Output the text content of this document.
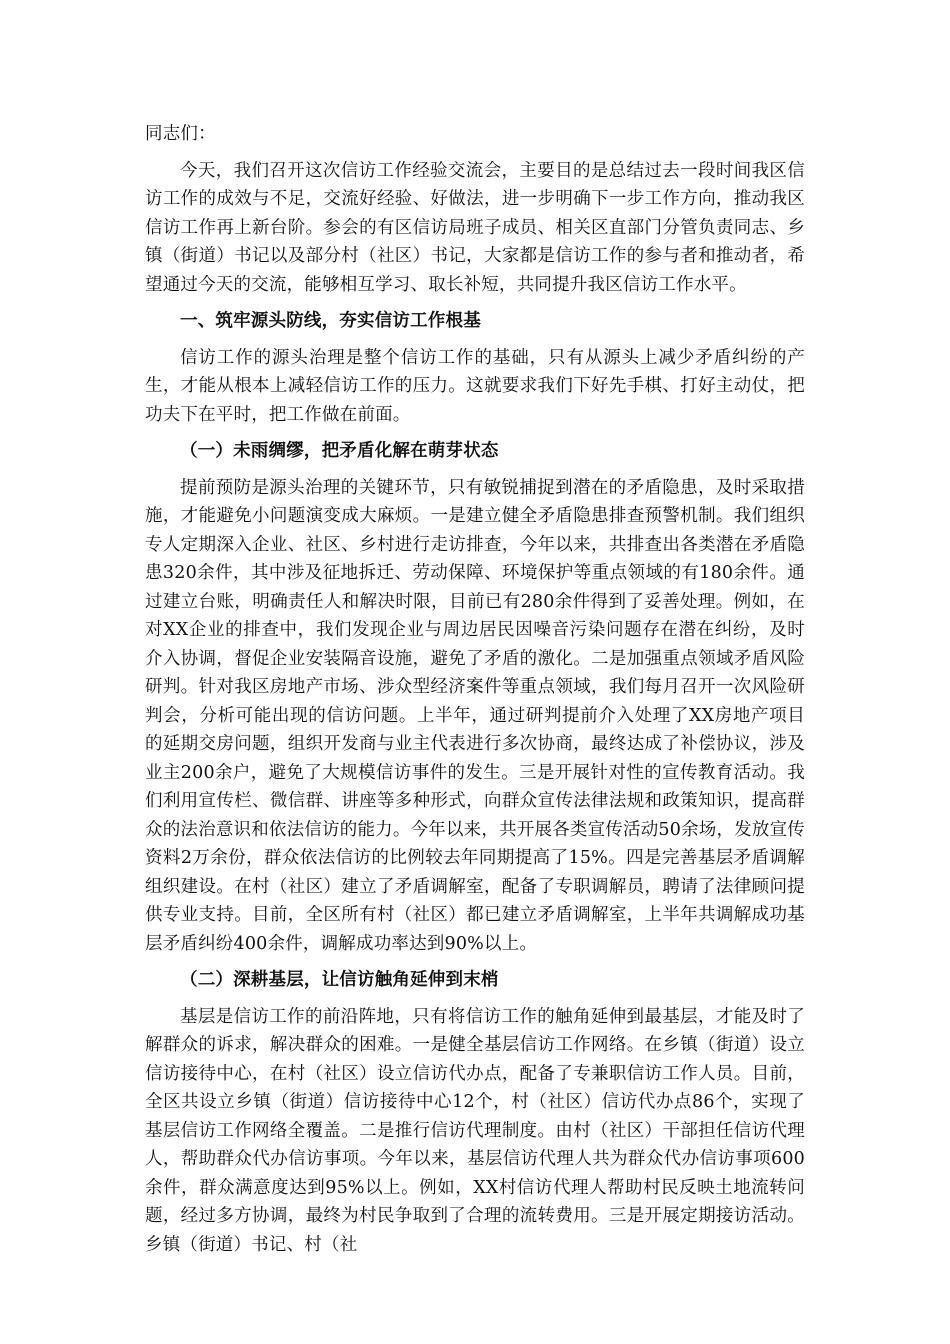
同志们：

今天，我们召开这次信访工作经验交流会，主要目的是总结过去一段时间我区信访工作的成效与不足，交流好经验、好做法，进一步明确下一步工作方向，推动我区信访工作再上新台阶。参会的有区信访局班子成员、相关区直部门分管负责同志、乡镇（街道）书记以及部分村（社区）书记，大家都是信访工作的参与者和推动者，希望通过今天的交流，能够相互学习、取长补短，共同提升我区信访工作水平。

一、筑牢源头防线，夯实信访工作根基

信访工作的源头治理是整个信访工作的基础，只有从源头上减少矛盾纠纷的产生，才能从根本上减轻信访工作的压力。这就要求我们下好先手棋、打好主动仗，把功夫下在平时，把工作做在前面。

（一）未雨绸缪，把矛盾化解在萌芽状态

提前预防是源头治理的关键环节，只有敏锐捕捉到潜在的矛盾隐患，及时采取措施，才能避免小问题演变成大麻烦。一是建立健全矛盾隐患排查预警机制。我们组织专人定期深入企业、社区、乡村进行走访排查，今年以来，共排查出各类潜在矛盾隐患320余件，其中涉及征地拆迁、劳动保障、环境保护等重点领域的有180余件。通过建立台账，明确责任人和解决时限，目前已有280余件得到了妥善处理。例如，在对XX企业的排查中，我们发现企业与周边居民因噪音污染问题存在潜在纠纷，及时介入协调，督促企业安装隔音设施，避免了矛盾的激化。二是加强重点领域矛盾风险研判。针对我区房地产市场、涉众型经济案件等重点领域，我们每月召开一次风险研判会，分析可能出现的信访问题。上半年，通过研判提前介入处理了XX房地产项目的延期交房问题，组织开发商与业主代表进行多次协商，最终达成了补偿协议，涉及业主200余户，避免了大规模信访事件的发生。三是开展针对性的宣传教育活动。我们利用宣传栏、微信群、讲座等多种形式，向群众宣传法律法规和政策知识，提高群众的法治意识和依法信访的能力。今年以来，共开展各类宣传活动50余场，发放宣传资料2万余份，群众依法信访的比例较去年同期提高了15%。四是完善基层矛盾调解组织建设。在村（社区）建立了矛盾调解室，配备了专职调解员，聘请了法律顾问提供专业支持。目前，全区所有村（社区）都已建立矛盾调解室，上半年共调解成功基层矛盾纠纷400余件，调解成功率达到90%以上。

（二）深耕基层，让信访触角延伸到末梢

基层是信访工作的前沿阵地，只有将信访工作的触角延伸到最基层，才能及时了解群众的诉求，解决群众的困难。一是健全基层信访工作网络。在乡镇（街道）设立信访接待中心，在村（社区）设立信访代办点，配备了专兼职信访工作人员。目前，全区共设立乡镇（街道）信访接待中心12个，村（社区）信访代办点86个，实现了基层信访工作网络全覆盖。二是推行信访代理制度。由村（社区）干部担任信访代理人，帮助群众代办信访事项。今年以来，基层信访代理人共为群众代办信访事项600余件，群众满意度达到95%以上。例如，XX村信访代理人帮助村民反映土地流转问题，经过多方协调，最终为村民争取到了合理的流转费用。三是开展定期接访活动。乡镇（街道）书记、村（社
